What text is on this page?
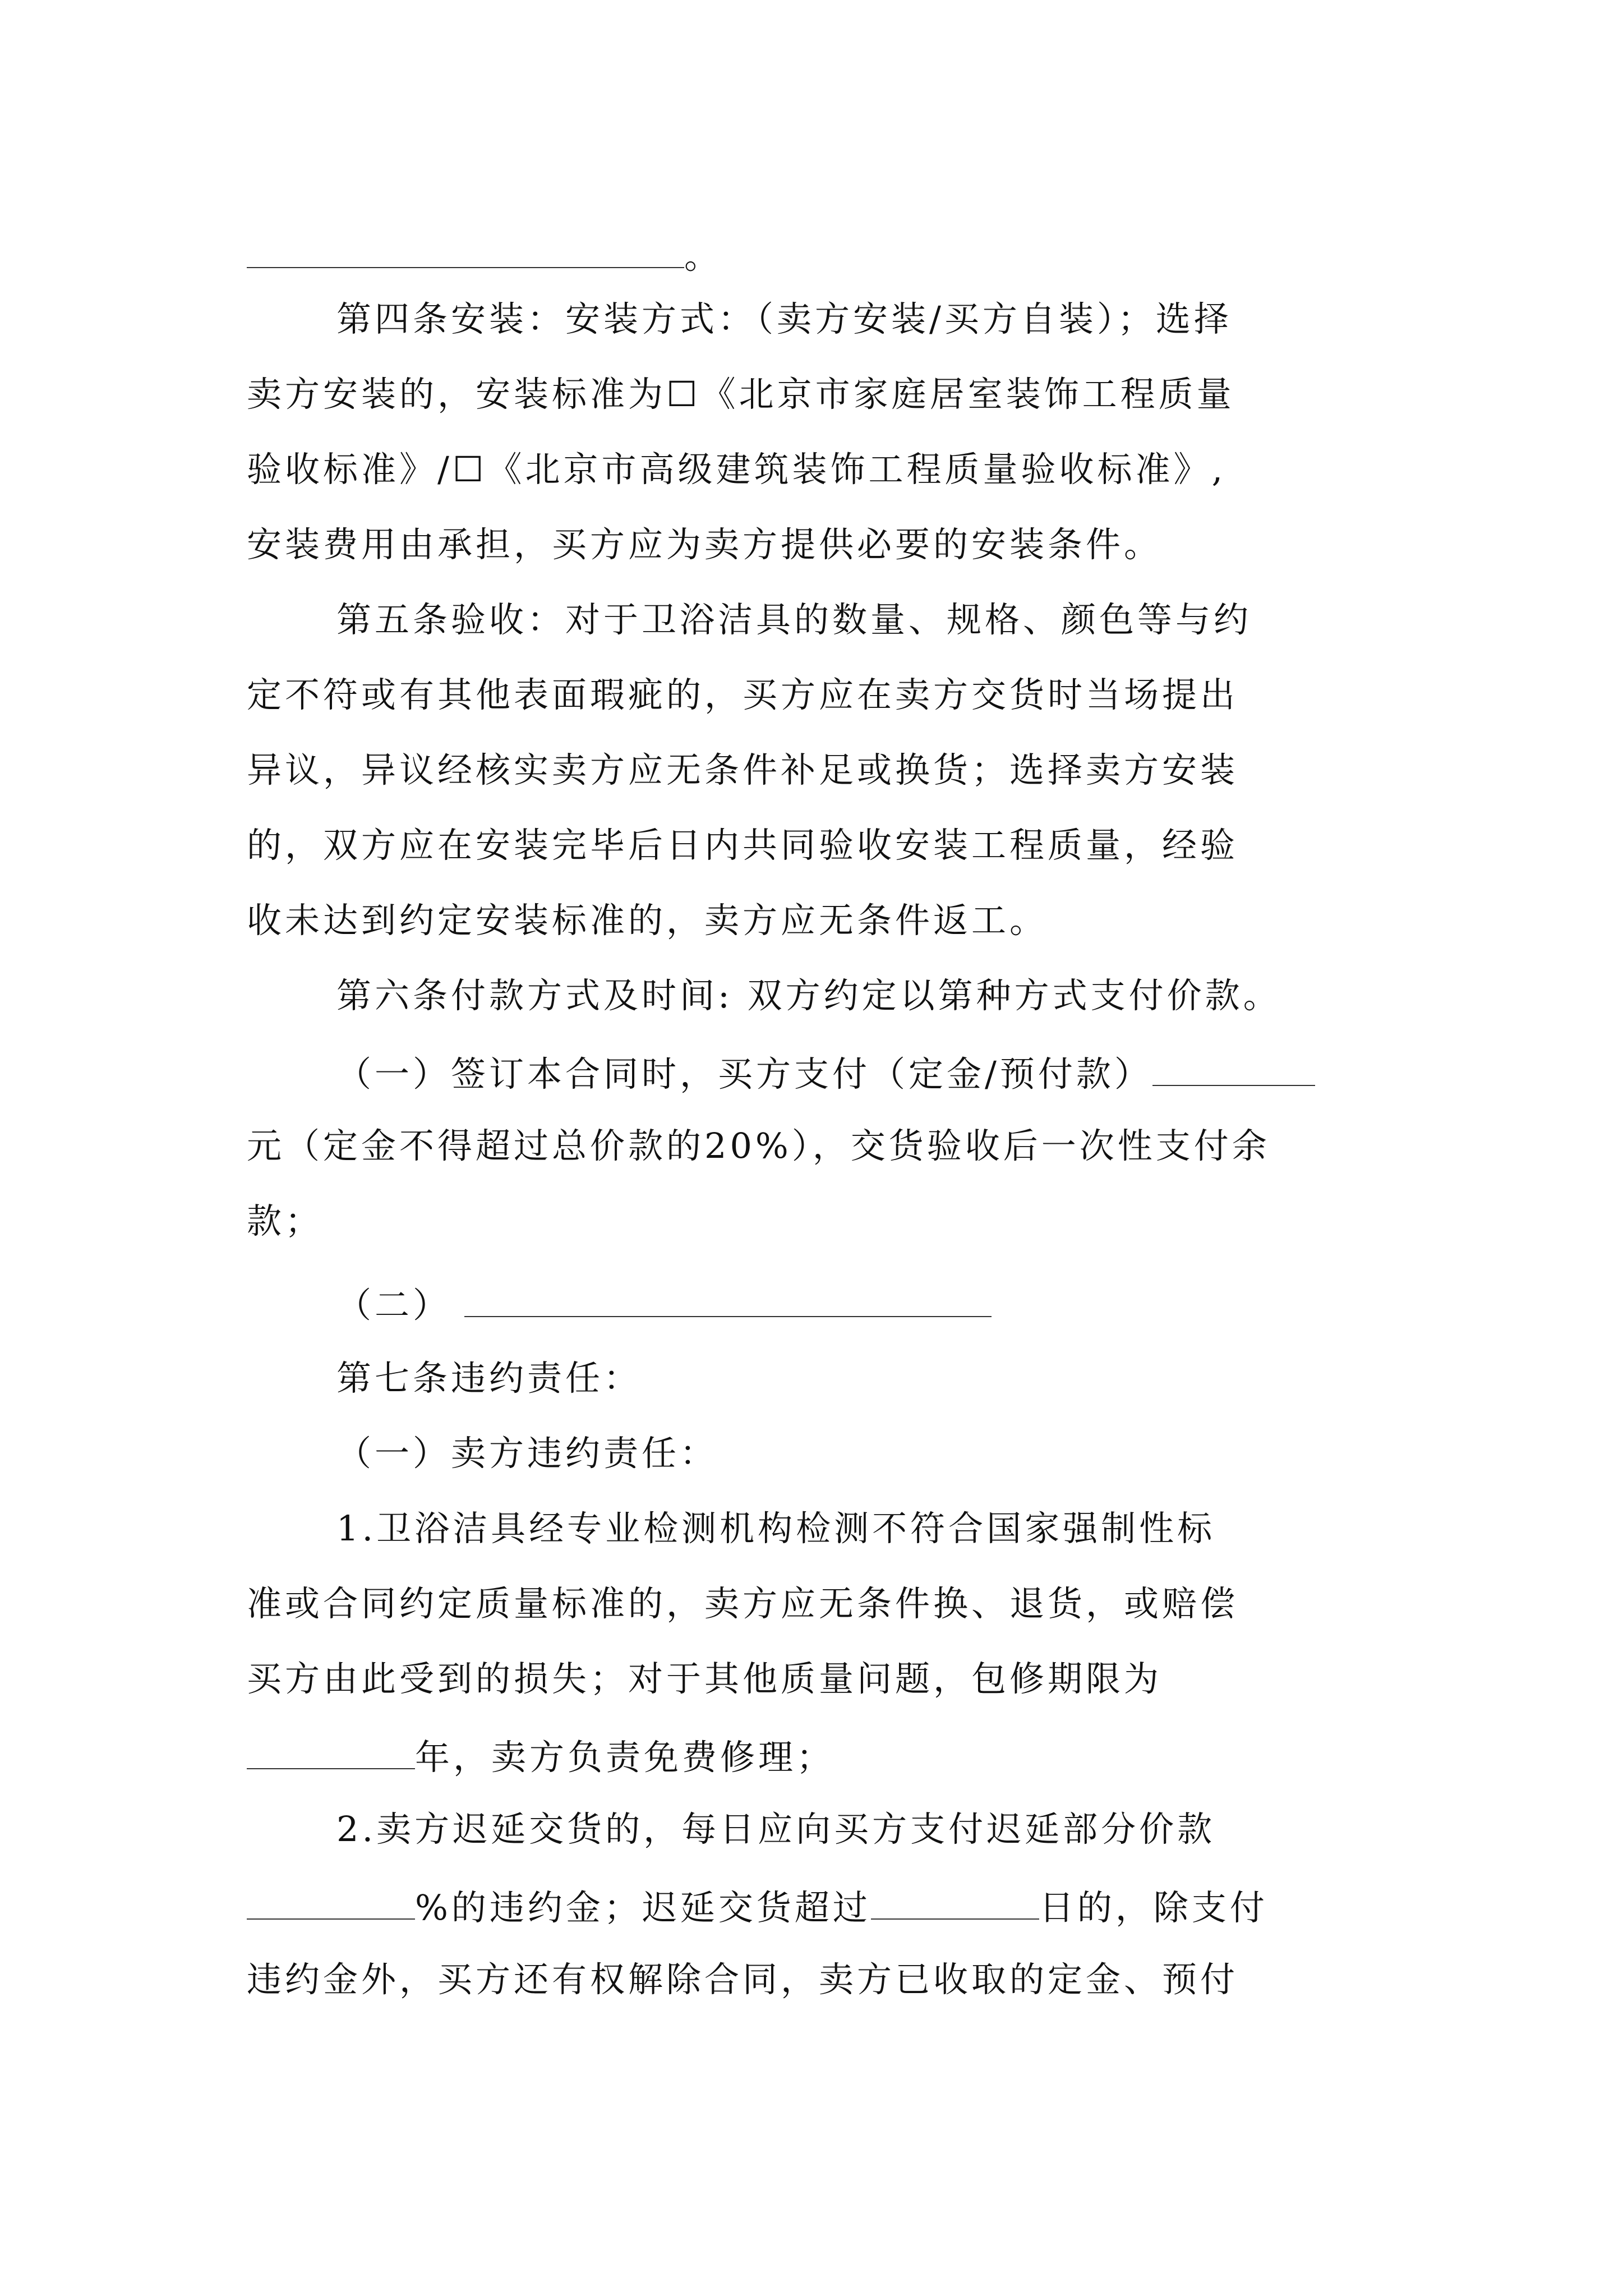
。
第四条安装：安装方式：（卖方安装/买方自装）；选择
卖方安装的，安装标准为☐《北京市家庭居室装饰工程质量
验收标准》/☐《北京市高级建筑装饰工程质量验收标准》,
安装费用由承担，买方应为卖方提供必要的安装条件。
第五条验收：对于卫浴洁具的数量、规格、颜色等与约
定不符或有其他表面瑕疵的，买方应在卖方交货时当场提出
异议，异议经核实卖方应无条件补足或换货；选择卖方安装
的，双方应在安装完毕后日内共同验收安装工程质量，经验
收未达到约定安装标准的，卖方应无条件返工。
第六条付款方式及时间: 双方约定以第种方式支付价款。
（一）签订本合同时，买方支付（定金/预付款）
元（定金不得超过总价款的20%），交货验收后一次性支付余
款；
（二）
第七条违约责任：
（一）卖方违约责任：
1.卫浴洁具经专业检测机构检测不符合国家强制性标
准或合同约定质量标准的，卖方应无条件换、退货，或赔偿
买方由此受到的损失；对于其他质量问题，包修期限为
年，卖方负责免费修理；
2.卖方迟延交货的，每日应向买方支付迟延部分价款
%的违约金；迟延交货超过	日的，除支付
违约金外，买方还有权解除合同，卖方已收取的定金、预付
